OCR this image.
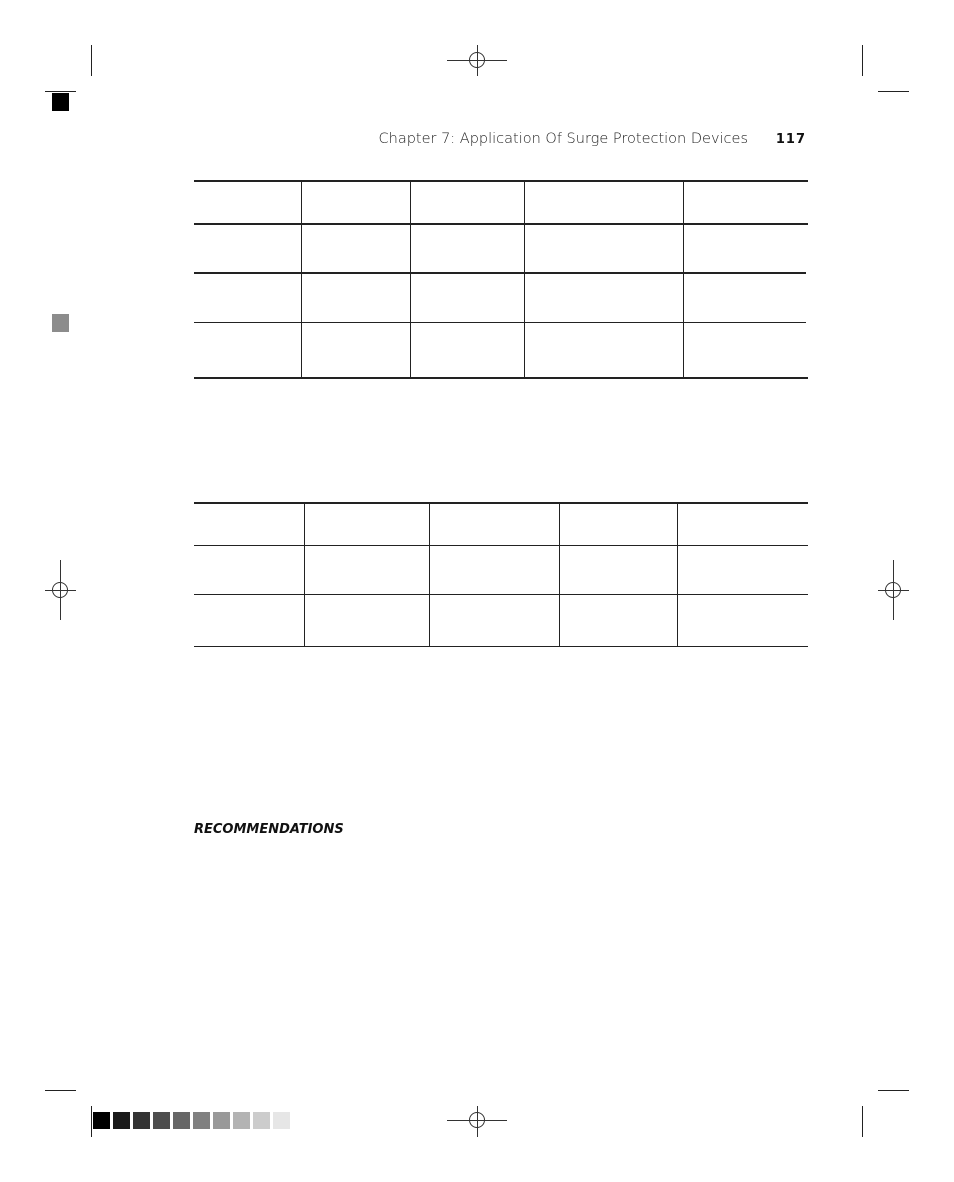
Chapter 7: Application Of Surge Protection Devices	117
RECOMMENDATIONS
